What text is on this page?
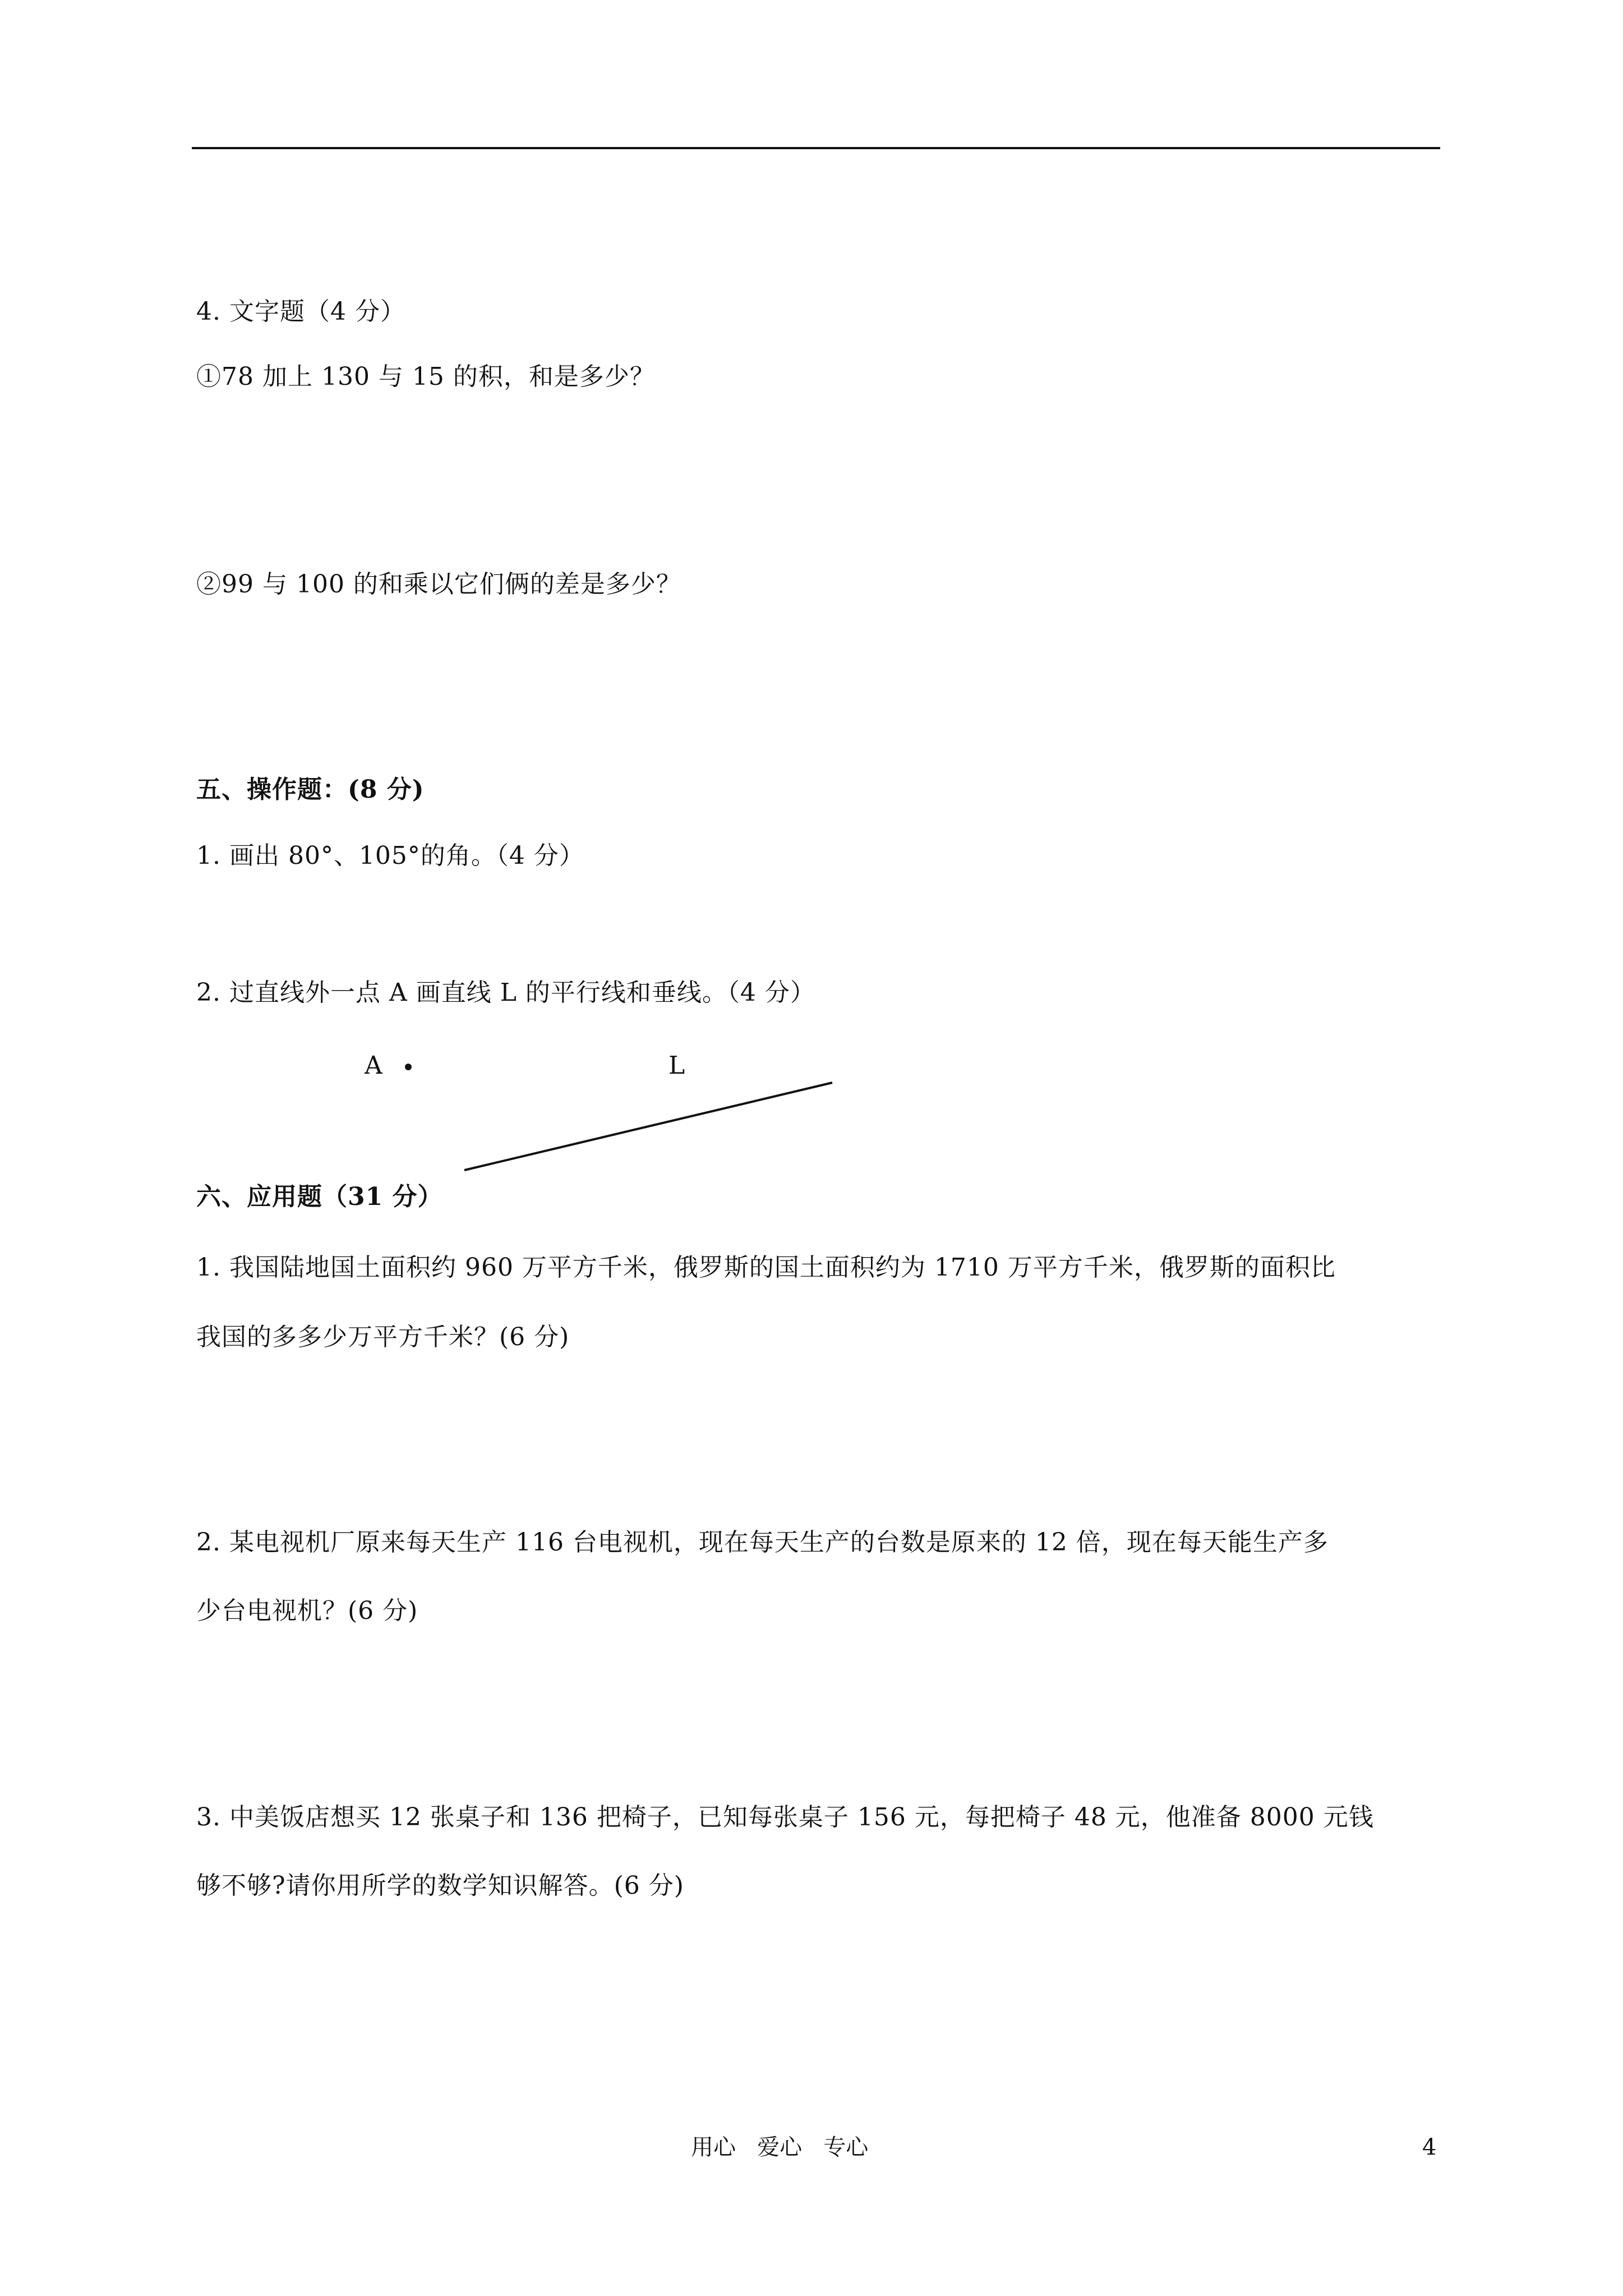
4. 文字题（4 分）
①78 加上 130 与 15 的积，和是多少？
②99 与 100 的和乘以它们俩的差是多少？
五、操作题：(8 分)
1. 画出 80°、105°的角。（4 分）
2. 过直线外一点 A 画直线 L 的平行线和垂线。（4 分）
A	L
六、应用题（31 分）
1. 我国陆地国土面积约 960 万平方千米，俄罗斯的国土面积约为 1710 万平方千米，俄罗斯的面积比
我国的多多少万平方千米？(6 分)
2. 某电视机厂原来每天生产 116 台电视机，现在每天生产的台数是原来的 12 倍，现在每天能生产多
少台电视机？(6 分)
3. 中美饭店想买 12 张桌子和 136 把椅子，已知每张桌子 156 元，每把椅子 48 元，他准备 8000 元钱
够不够?请你用所学的数学知识解答。(6 分)
用心   爱心   专心	4
